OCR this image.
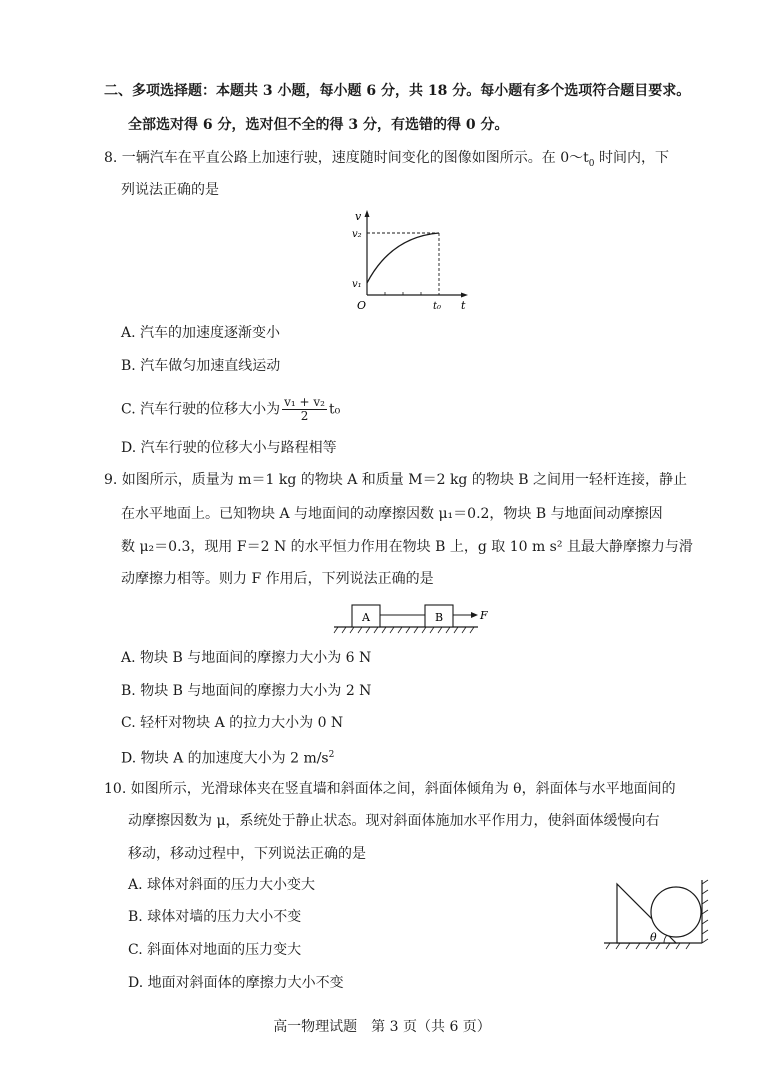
二、多项选择题：本题共 3 小题，每小题 6 分，共 18 分。每小题有多个选项符合题目要求。
全部选对得 6 分，选对但不全的得 3 分，有选错的得 0 分。
8. 一辆汽车在平直公路上加速行驶，速度随时间变化的图像如图所示。在 $0\sim t_0$ 时间内，下
列说法正确的是
v
v₂
v₁
O	t₀ t
A. 汽车的加速度逐渐变小
B. 汽车做匀加速直线运动
C. 汽车行驶的位移大小为 $\frac{\text{v₁ + v₂}}{2} t_0$
D. 汽车行驶的位移大小与路程相等
9. 如图所示，质量为 m＝1 kg 的物块 A 和质量 M＝2 kg 的物块 B 之间用一轻杆连接，静止
在水平地面上。已知物块 A 与地面间的动摩擦因数 μ₁＝0.2，物块 B 与地面间动摩擦因
数 μ₂＝0.3，现用 F＝2 N 的水平恒力作用在物块 B 上，g 取 10 m s² 且最大静摩擦力与滑
动摩擦力相等。则力 F 作用后，下列说法正确的是
A	B	F
A. 物块 B 与地面间的摩擦力大小为 6 N
B. 物块 B 与地面间的摩擦力大小为 2 N
C. 轻杆对物块 A 的拉力大小为 0 N
D. 物块 A 的加速度大小为 2 $m/s^2$
10. 如图所示，光滑球体夹在竖直墙和斜面体之间，斜面体倾角为 θ，斜面体与水平地面间的
动摩擦因数为 μ，系统处于静止状态。现对斜面体施加水平作用力，使斜面体缓慢向右
移动，移动过程中，下列说法正确的是
A. 球体对斜面的压力大小变大
B. 球体对墙的压力大小不变
C. 斜面体对地面的压力变大
D. 地面对斜面体的摩擦力大小不变
θ
高一物理试题　第 3 页（共 6 页）
